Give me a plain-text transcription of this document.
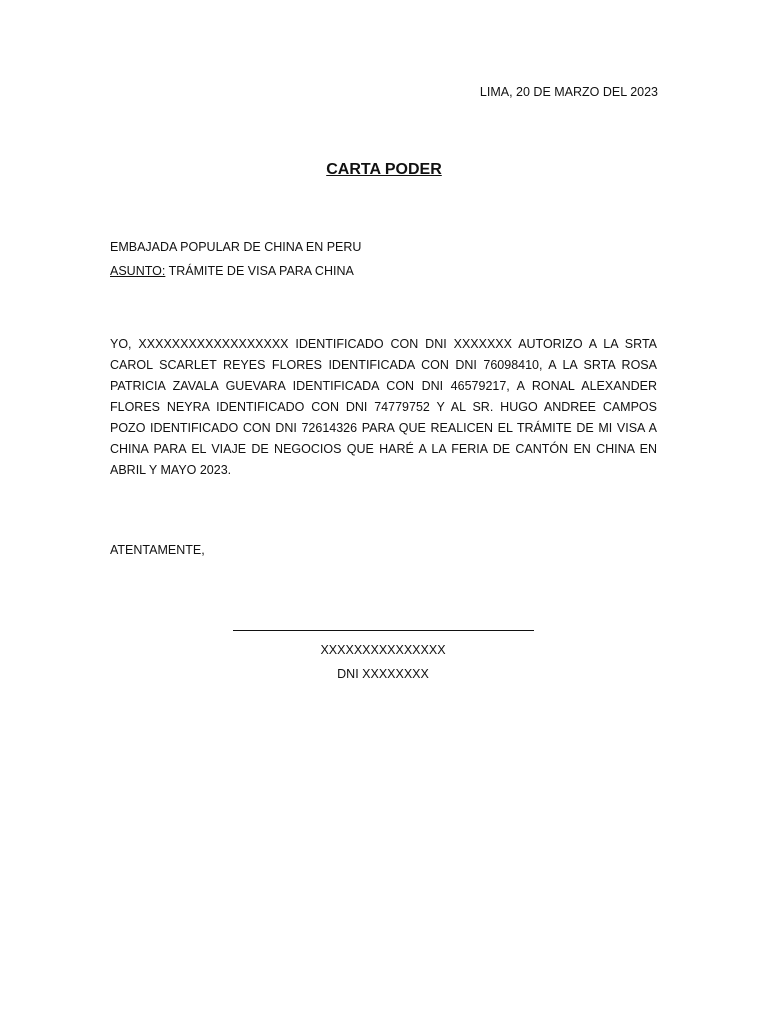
LIMA, 20 DE MARZO DEL 2023
CARTA PODER
EMBAJADA POPULAR DE CHINA EN PERU
ASUNTO: TRÁMITE DE VISA PARA CHINA
YO, XXXXXXXXXXXXXXXXXX IDENTIFICADO CON DNI XXXXXXX AUTORIZO A LA SRTA CAROL SCARLET REYES FLORES IDENTIFICADA CON DNI 76098410, A LA SRTA ROSA PATRICIA ZAVALA GUEVARA IDENTIFICADA CON DNI 46579217, A RONAL ALEXANDER FLORES NEYRA IDENTIFICADO CON DNI 74779752 Y AL SR. HUGO ANDREE CAMPOS POZO IDENTIFICADO CON DNI 72614326 PARA QUE REALICEN EL TRÁMITE DE MI VISA A CHINA PARA EL VIAJE DE NEGOCIOS QUE HARÉ A LA FERIA DE CANTÓN EN CHINA EN ABRIL Y MAYO 2023.
ATENTAMENTE,
XXXXXXXXXXXXXXX
DNI XXXXXXXX
